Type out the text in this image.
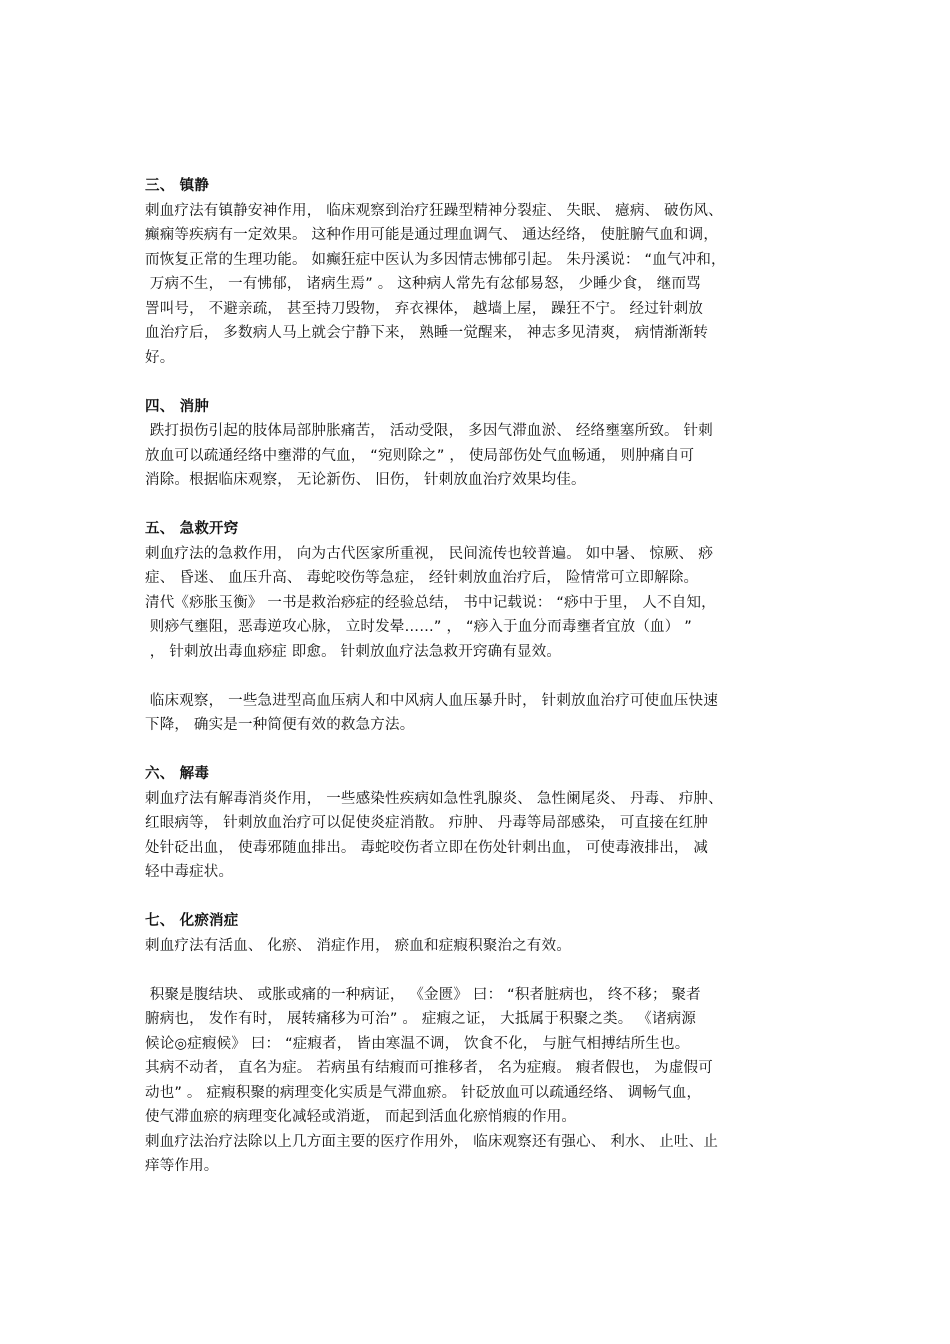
三、 镇静
刺血疗法有镇静安神作用， 临床观察到治疗狂躁型精神分裂症、 失眠、 癔病、 破伤风、
癫痫等疾病有一定效果。 这种作用可能是通过理血调气、 通达经络， 使脏腑气血和调，
而恢复正常的生理功能。 如癫狂症中医认为多因情志怫郁引起。 朱丹溪说： “血气冲和，
万病不生， 一有怫郁， 诸病生焉” 。 这种病人常先有忿郁易怒， 少睡少食， 继而骂
詈叫号， 不避亲疏， 甚至持刀毁物， 弃衣裸体， 越墙上屋， 躁狂不宁。 经过针刺放
血治疗后， 多数病人马上就会宁静下来， 熟睡一觉醒来， 神志多见清爽， 病情渐渐转
好。
四、 消肿
跌打损伤引起的肢体局部肿胀痛苦， 活动受限， 多因气滞血淤、 经络壅塞所致。 针刺
放血可以疏通经络中壅滞的气血， “宛则除之” ， 使局部伤处气血畅通， 则肿痛自可
消除。根据临床观察， 无论新伤、 旧伤， 针刺放血治疗效果均佳。
五、 急救开窍
刺血疗法的急救作用， 向为古代医家所重视， 民间流传也较普遍。 如中暑、 惊厥、 痧
症、 昏迷、 血压升高、 毒蛇咬伤等急症， 经针刺放血治疗后， 险情常可立即解除。
清代《痧胀玉衡》 一书是救治痧症的经验总结， 书中记载说： “痧中于里， 人不自知，
则痧气壅阻，恶毒逆攻心脉， 立时发晕……” ， “痧入于血分而毒壅者宜放（血） ”
， 针刺放出毒血痧症 即愈。 针刺放血疗法急救开窍确有显效。
临床观察， 一些急进型高血压病人和中风病人血压暴升时， 针刺放血治疗可使血压快速
下降， 确实是一种简便有效的救急方法。
六、 解毒
刺血疗法有解毒消炎作用， 一些感染性疾病如急性乳腺炎、 急性阑尾炎、 丹毒、 疖肿、
红眼病等， 针刺放血治疗可以促使炎症消散。 疖肿、 丹毒等局部感染， 可直接在红肿
处针砭出血， 使毒邪随血排出。 毒蛇咬伤者立即在伤处针刺出血， 可使毒液排出， 减
轻中毒症状。
七、 化瘀消症
刺血疗法有活血、 化瘀、 消症作用， 瘀血和症瘕积聚治之有效。
积聚是腹结块、 或胀或痛的一种病证， 《金匮》 曰： “积者脏病也， 终不移； 聚者
腑病也， 发作有时， 展转痛移为可治” 。 症瘕之证， 大抵属于积聚之类。 《诸病源
候论◎症瘕候》 曰： “症瘕者， 皆由寒温不调， 饮食不化， 与脏气相搏结所生也。
其病不动者， 直名为症。 若病虽有结瘕而可推移者， 名为症瘕。 瘕者假也， 为虚假可
动也” 。 症瘕积聚的病理变化实质是气滞血瘀。 针砭放血可以疏通经络、 调畅气血，
使气滞血瘀的病理变化减轻或消逝， 而起到活血化瘀悄瘕的作用。
刺血疗法治疗法除以上几方面主要的医疗作用外， 临床观察还有强心、 利水、 止吐、止
痒等作用。
